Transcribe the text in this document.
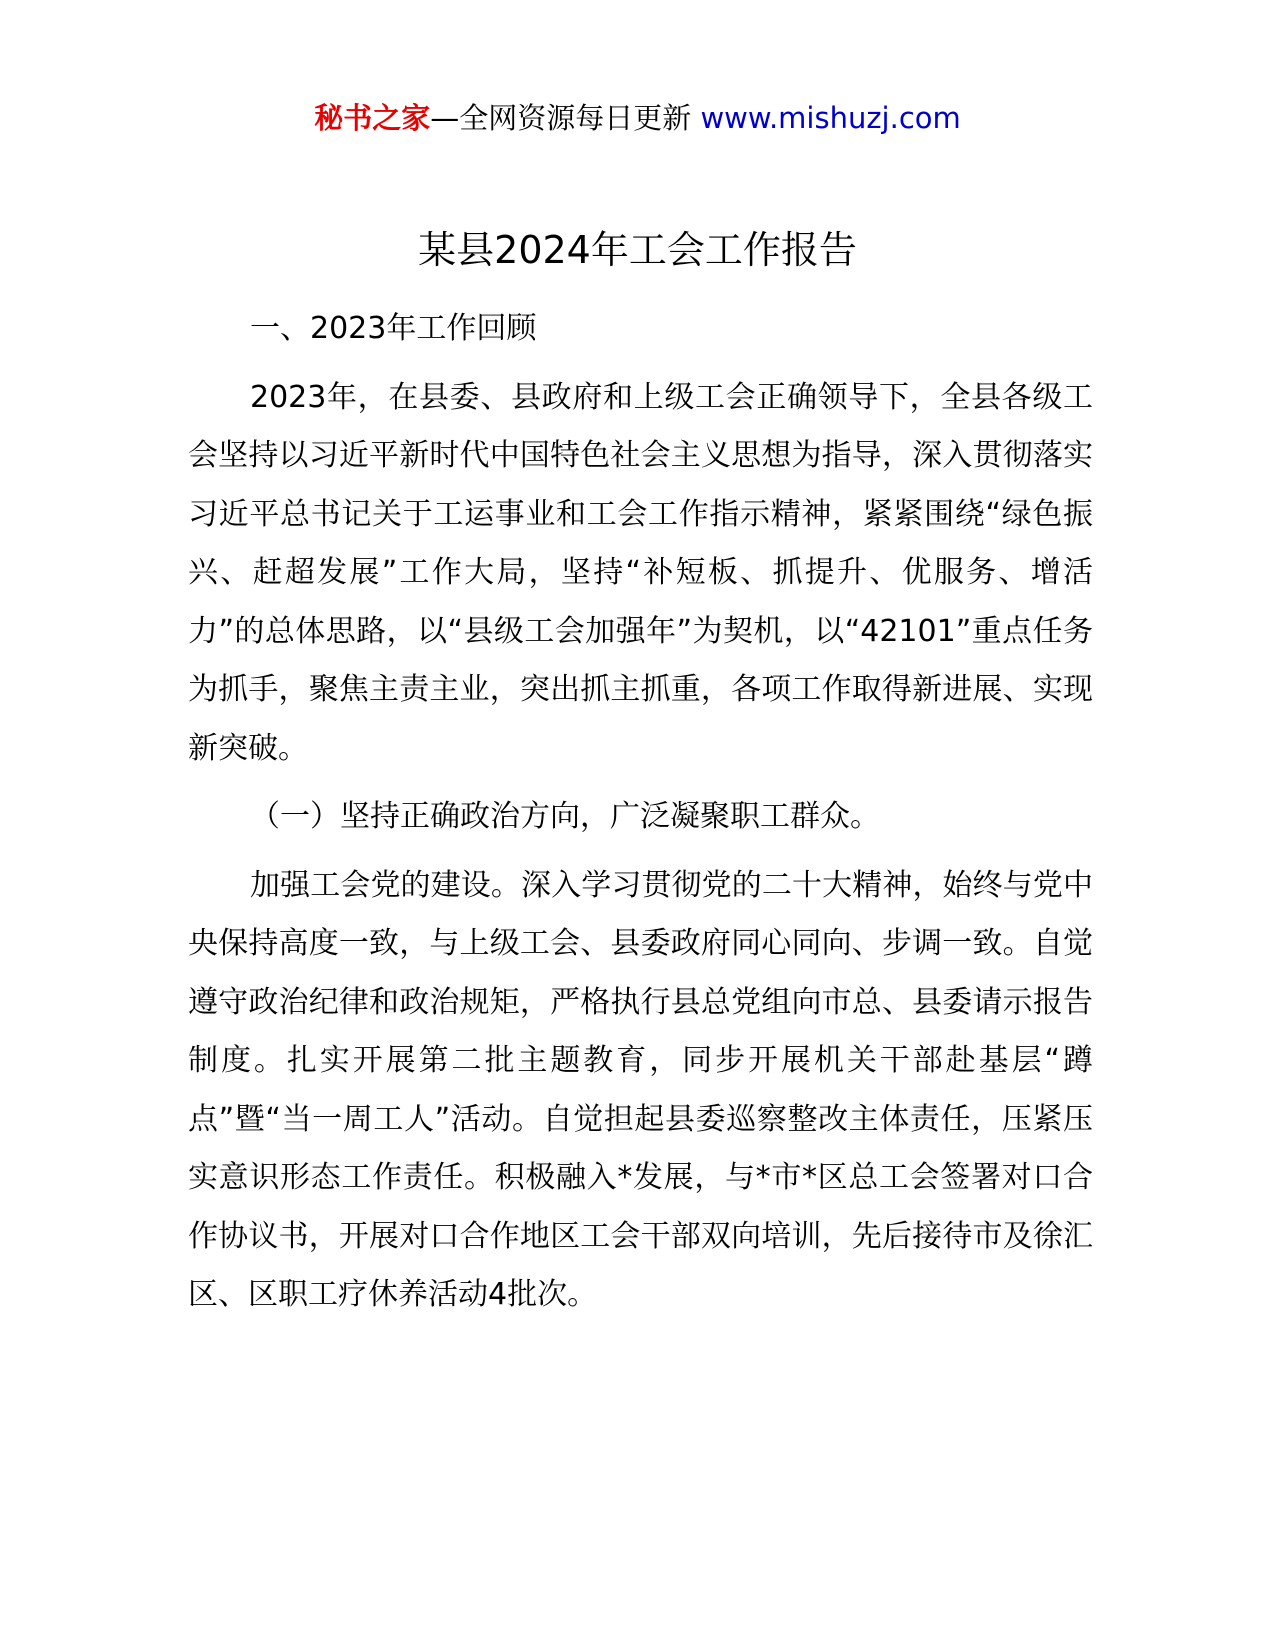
秘书之家—全网资源每日更新 www.mishuzj.com
某县2024年工会工作报告

一、2023年工作回顾

2023年，在县委、县政府和上级工会正确领导下，全县各级工会坚持以习近平新时代中国特色社会主义思想为指导，深入贯彻落实习近平总书记关于工运事业和工会工作指示精神，紧紧围绕“绿色振兴、赶超发展”工作大局，坚持“补短板、抓提升、优服务、增活力”的总体思路，以“县级工会加强年”为契机，以“42101”重点任务为抓手，聚焦主责主业，突出抓主抓重，各项工作取得新进展、实现新突破。

（一）坚持正确政治方向，广泛凝聚职工群众。

加强工会党的建设。深入学习贯彻党的二十大精神，始终与党中央保持高度一致，与上级工会、县委政府同心同向、步调一致。自觉遵守政治纪律和政治规矩，严格执行县总党组向市总、县委请示报告制度。扎实开展第二批主题教育，同步开展机关干部赴基层“蹲点”暨“当一周工人”活动。自觉担起县委巡察整改主体责任，压紧压实意识形态工作责任。积极融入*发展，与*市*区总工会签署对口合作协议书，开展对口合作地区工会干部双向培训，先后接待市及徐汇区、区职工疗休养活动4批次。
